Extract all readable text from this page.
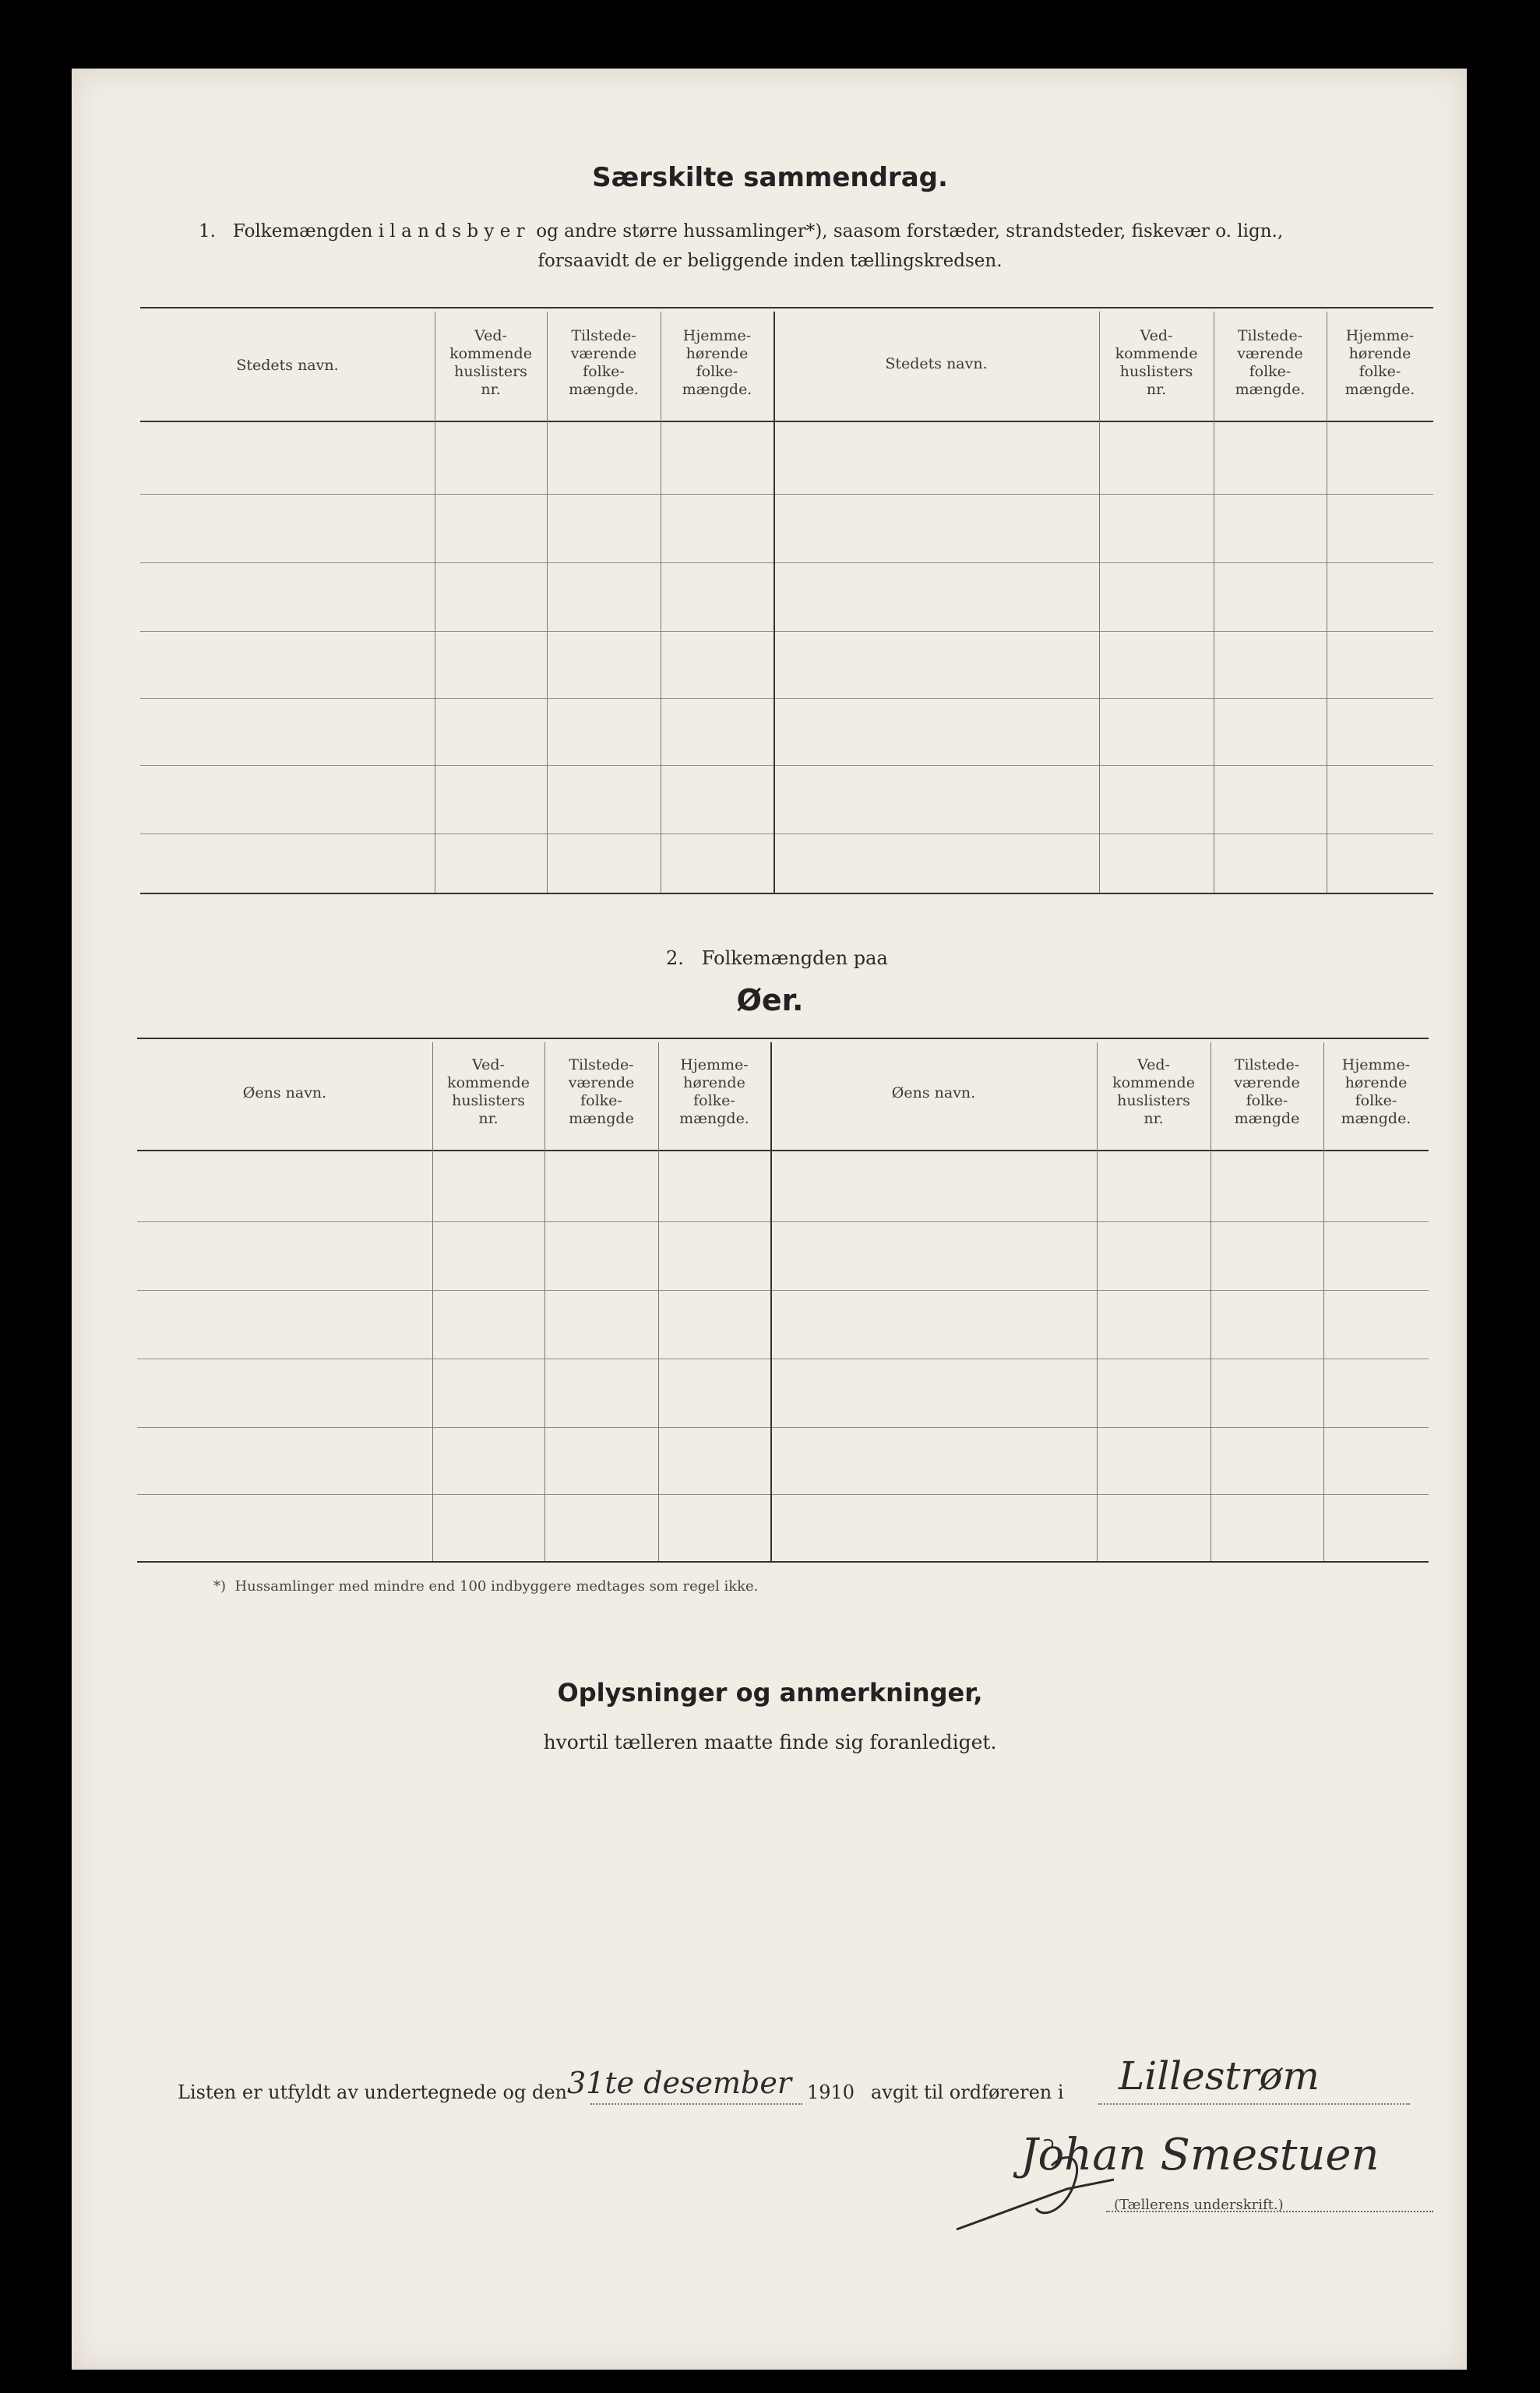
Særskilte sammendrag.
1.   Folkemængden i l a n d s b y e r  og andre større hussamlinger*), saasom forstæder, strandsteder, fiskevær o. lign.,
forsaavidt de er beliggende inden tællingskredsen.
Stedets navn.
Ved-
kommende
huslisters
nr.
Tilstede-
værende
folke-
mængde.
Hjemme-
hørende
folke-
mængde.
Stedets navn.
Ved-
kommende
huslisters
nr.
Tilstede-
værende
folke-
mængde.
Hjemme-
hørende
folke-
mængde.
2.   Folkemængden paa
Øer.
Øens navn.
Ved-
kommende
huslisters
nr.
Tilstede-
værende
folke-
mængde
Hjemme-
hørende
folke-
mængde.
Øens navn.
Ved-
kommende
huslisters
nr.
Tilstede-
værende
folke-
mængde
Hjemme-
hørende
folke-
mængde.
*)  Hussamlinger med mindre end 100 indbyggere medtages som regel ikke.
Oplysninger og anmerkninger,
hvortil tælleren maatte finde sig foranlediget.
Listen er utfyldt av undertegnede og den 31te desember 1910 avgit til ordføreren i Lillestrøm
Johan Smestuen
(Tællerens underskrift.)
